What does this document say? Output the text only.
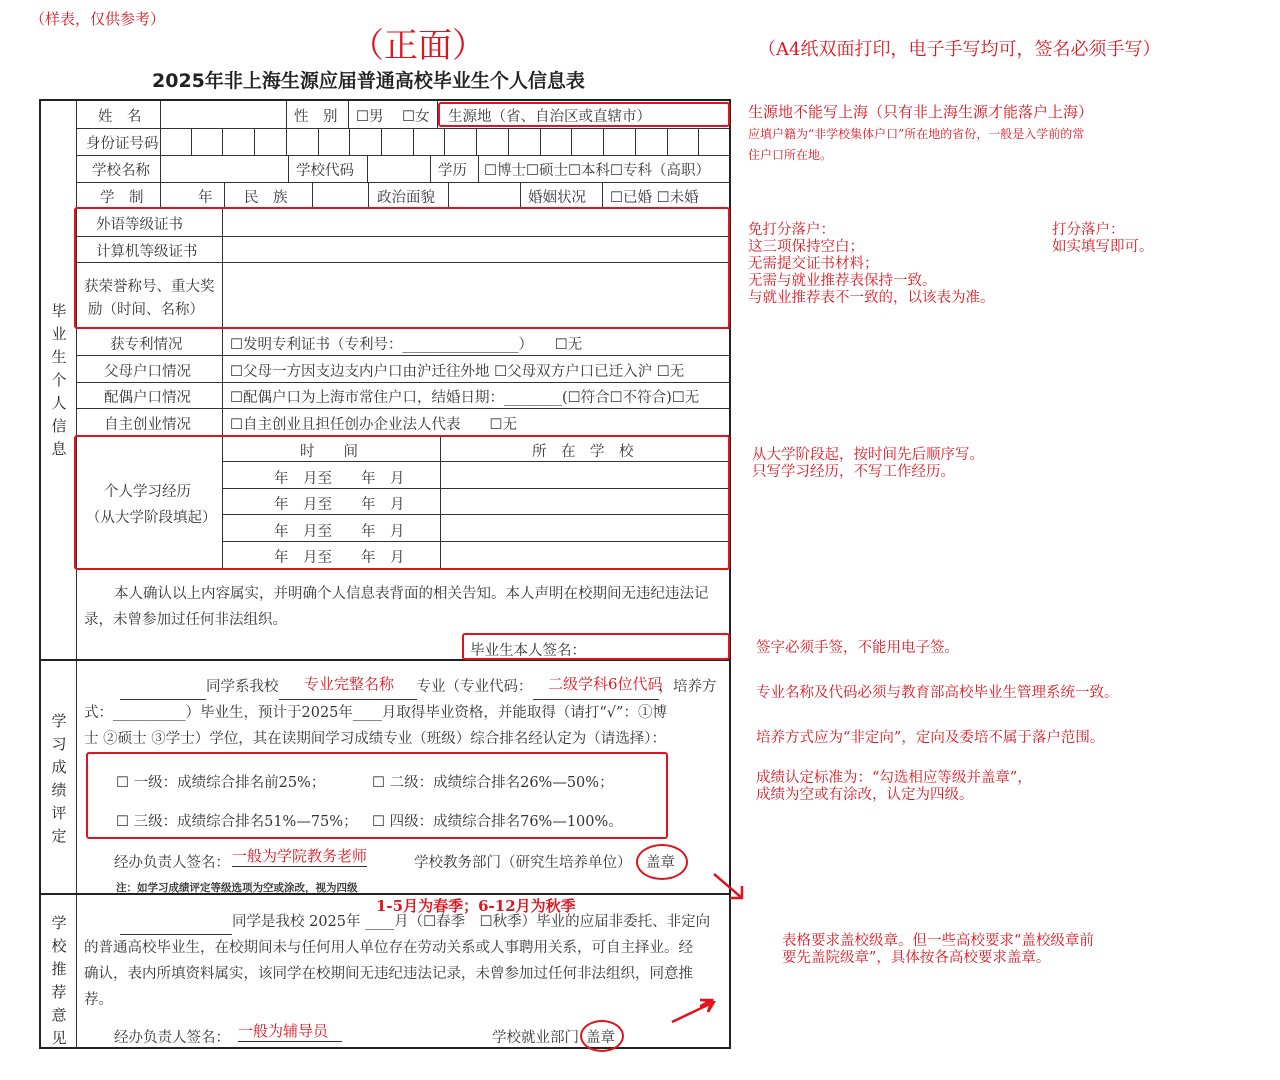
（样表，仅供参考）
（正面）	（A4纸双面打印，电子手写均可，签名必须手写）
2025年非上海生源应届普通高校毕业生个人信息表
毕
业
生
个
人
信
息
学
习
成
绩
评
定
学
校
推
荐
意
见
姓　名	性　别 ☐男 ☐女 生源地（省、自治区或直辖市）
身份证号码
学校名称	学校代码	学历 ☐博士☐硕士☐本科☐专科（高职）
学　制	年 民　族	政治面貌	婚姻状况 ☐已婚 ☐未婚
外语等级证书
计算机等级证书
获荣誉称号、重大奖
励（时间、名称）
获专利情况	☐发明专利证书（专利号：________________）　　☐无
父母户口情况	☐父母一方因支边支内户口由沪迁往外地 ☐父母双方户口已迁入沪 ☐无
配偶户口情况	☐配偶户口为上海市常住户口，结婚日期：________(☐符合☐不符合)☐无
自主创业情况	☐自主创业且担任创办企业法人代表　　☐无
个人学习经历
（从大学阶段填起）
时　　间	所　在　学　校
年　月至　　年　月
年　月至　　年　月
年　月至　　年　月
年　月至　　年　月
本人确认以上内容属实，并明确个人信息表背面的相关告知。本人声明在校期间无违纪违法记录，未曾参加过任何非法组织。
毕业生本人签名：________________
同学系我校	专业（专业代码：	，培养方
式：__________）毕业生，预计于2025年____月取得毕业资格，并能取得（请打“√”：①博
士 ②硕士 ③学士）学位，其在读期间学习成绩专业（班级）综合排名经认定为（请选择）：
☐ 一级：成绩综合排名前25%；	☐ 二级：成绩综合排名26%—50%；
☐ 三级：成绩综合排名51%—75%； ☐ 四级：成绩综合排名76%—100%。
经办负责人签名：	学校教务部门（研究生培养单位） 盖章
注：如学习成绩评定等级选项为空或涂改，视为四级
同学是我校 2025年 ____月（☐春季　☐秋季）毕业的应届非委托、非定向
的普通高校毕业生，在校期间未与任何用人单位存在劳动关系或人事聘用关系，可自主择业。经
确认，表内所填资料属实，该同学在校期间无违纪违法记录，未曾参加过任何非法组织，同意推
荐。
经办负责人签名：	学校就业部门 盖章
专业完整名称	二级学科6位代码
一般为学院教务老师
1-5月为春季；6-12月为秋季
一般为辅导员
生源地不能写上海（只有非上海生源才能落户上海）
应填户籍为“非学校集体户口”所在地的省份，一般是入学前的常
住户口所在地。
免打分落户：
这三项保持空白；
无需提交证书材料；
无需与就业推荐表保持一致。
与就业推荐表不一致的，以该表为准。
打分落户：
如实填写即可。
从大学阶段起，按时间先后顺序写。
只写学习经历，不写工作经历。
签字必须手签，不能用电子签。
专业名称及代码必须与教育部高校毕业生管理系统一致。
培养方式应为“非定向”，定向及委培不属于落户范围。
成绩认定标准为：“勾选相应等级并盖章”，
成绩为空或有涂改，认定为四级。
表格要求盖校级章。但一些高校要求“盖校级章前
要先盖院级章”，具体按各高校要求盖章。
